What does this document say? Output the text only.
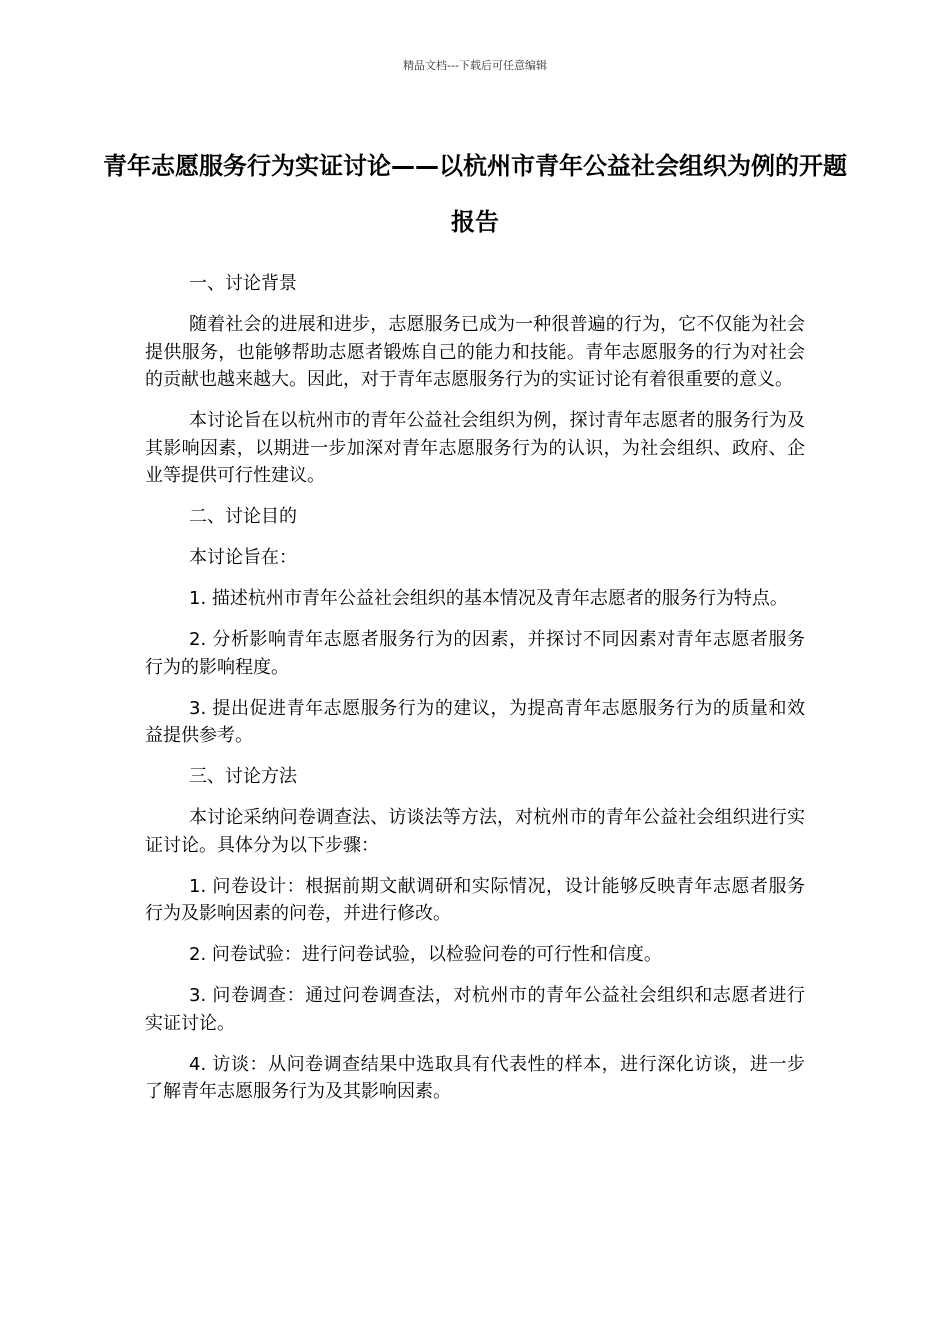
精品文档---下载后可任意编辑
青年志愿服务行为实证讨论——以杭州市青年公益社会组织为例的开题报告

一、讨论背景

随着社会的进展和进步，志愿服务已成为一种很普遍的行为，它不仅能为社会提供服务，也能够帮助志愿者锻炼自己的能力和技能。青年志愿服务的行为对社会的贡献也越来越大。因此，对于青年志愿服务行为的实证讨论有着很重要的意义。

本讨论旨在以杭州市的青年公益社会组织为例，探讨青年志愿者的服务行为及其影响因素，以期进一步加深对青年志愿服务行为的认识，为社会组织、政府、企业等提供可行性建议。

二、讨论目的

本讨论旨在：

1. 描述杭州市青年公益社会组织的基本情况及青年志愿者的服务行为特点。

2. 分析影响青年志愿者服务行为的因素，并探讨不同因素对青年志愿者服务行为的影响程度。

3. 提出促进青年志愿服务行为的建议，为提高青年志愿服务行为的质量和效益提供参考。

三、讨论方法

本讨论采纳问卷调查法、访谈法等方法，对杭州市的青年公益社会组织进行实证讨论。具体分为以下步骤：

1. 问卷设计：根据前期文献调研和实际情况，设计能够反映青年志愿者服务行为及影响因素的问卷，并进行修改。

2. 问卷试验：进行问卷试验，以检验问卷的可行性和信度。

3. 问卷调查：通过问卷调查法，对杭州市的青年公益社会组织和志愿者进行实证讨论。

4. 访谈：从问卷调查结果中选取具有代表性的样本，进行深化访谈，进一步了解青年志愿服务行为及其影响因素。
